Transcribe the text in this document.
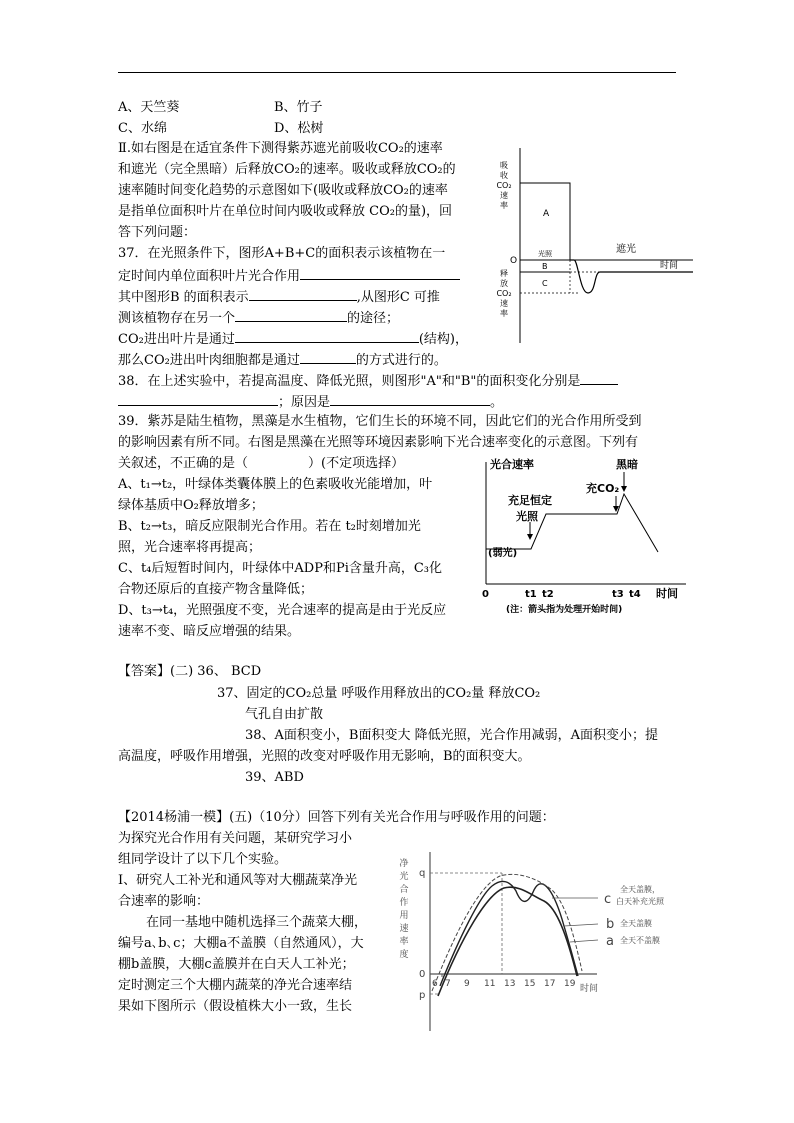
A、天竺葵	B、竹子
C、水绵	D、松树
Ⅱ.如右图是在适宜条件下测得紫苏遮光前吸收CO₂的速率
和遮光（完全黑暗）后释放CO₂的速率。吸收或释放CO₂的
速率随时间变化趋势的示意图如下(吸收或释放CO₂的速率
是指单位面积叶片在单位时间内吸收或释放 CO₂的量)，回
答下列问题：
37．在光照条件下，图形A+B+C的面积表示该植物在一
定时间内单位面积叶片光合作用
其中图形B 的面积表示	,从图形C 可推
测该植物存在另一个	的途径；
CO₂进出叶片是通过	(结构)，
那么CO₂进出叶肉细胞都是通过	的方式进行的。
38．在上述实验中，若提高温度、降低光照，则图形"A"和"B"的面积变化分别是
；原因是	。
39．紫苏是陆生植物，黑藻是水生植物，它们生长的环境不同，因此它们的光合作用所受到
的影响因素有所不同。右图是黑藻在光照等环境因素影响下光合速率变化的示意图。下列有
关叙述，不正确的是（	）(不定项选择）
A、t₁→t₂，叶绿体类囊体膜上的色素吸收光能增加，叶
绿体基质中O₂释放增多；
B、t₂→t₃，暗反应限制光合作用。若在 t₂时刻增加光
照，光合速率将再提高；
C、t₄后短暂时间内，叶绿体中ADP和Pi含量升高，C₃化
合物还原后的直接产物含量降低；
D、t₃→t₄，光照强度不变，光合速率的提高是由于光反应
速率不变、暗反应增强的结果。
【答案】(二) 36、 BCD
37、固定的CO₂总量 呼吸作用释放出的CO₂量 释放CO₂
气孔自由扩散
38、A面积变小，B面积变大 降低光照，光合作用减弱，A面积变小；提
高温度，呼吸作用增强，光照的改变对呼吸作用无影响，B的面积变大。
39、ABD
【2014杨浦一模】(五)（10分）回答下列有关光合作用与呼吸作用的问题：
为探究光合作用有关问题，某研究学习小
组同学设计了以下几个实验。
I、研究人工补光和通风等对大棚蔬菜净光
合速率的影响：
在同一基地中随机选择三个蔬菜大棚，
编号a､b､c；大棚a不盖膜（自然通风），大
棚b盖膜，大棚c盖膜并在白天人工补光；
定时测定三个大棚内蔬菜的净光合速率结
果如下图所示（假设植株大小一致，生长
吸收 CO₂ 速率
释放 CO₂ 速率
O
A
B
C
光照	遮光
时间
光合速率	黑暗
充CO₂
充足恒定
光照
(弱光)
0	t1 t2	t3 t4 时间
(注：箭头指为处理开始时间)
净光合作用速率度
q
0
p
6 7 9 11 13 15 17 19 时间
c
全天盖膜，
白天补充光照
b 全天盖膜
a 全天不盖膜
